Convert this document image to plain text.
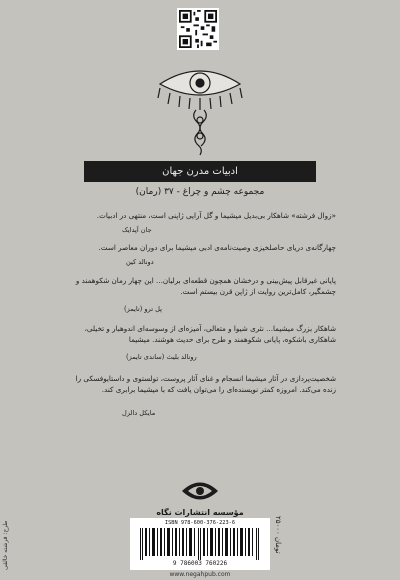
ادبیات مدرن جهان
مجموعه چشم و چراغ - ۳۷ (رمان)
«زوال فرشته» شاهکار بی‌بدیل میشیما و گل آرایی ژاپنی است، منتهی در ادبیات.
جان آپدایک
چهارگانه‌ی دریای حاصلخیزی وصیت‌نامه‌ی ادبی میشیما برای دوران معاصر است.
دونالد کین
پایانی غیرقابل پیش‌بینی و درخشان همچون قطعه‌ای برلیان... این چهار رمان شکوهمند و چشمگیر، کامل‌ترین روایت از ژاپن قرن بیستم است.
پل ترو (تایمز)
شاهکار بزرگ میشیما... نثری شیوا و متعالی، آمیزه‌ای از وسوسه‌ای اندوهبار و تخیلی، شاهکاری باشکوه، پایانی شکوهمند و طرح برای حدیث هوشند. میشیما
رونالد بلیث (ساندی تایمز)
شخصیت‌پردازی در آثار میشیما انسجام و غنای آثار پروست، تولستوی و داستایوفسکی را زنده می‌کند. امروزه کمتر نویسنده‌ای را می‌توان یافت که با میشیما برابری کند.
مایکل دالزل
مؤسسه انتشارات نگاه
ISBN 978-600-376-223-6
9 786003 760226
۲۵۰۰۰ تومان
طرح: فرشته خالقی
www.negahpub.com
